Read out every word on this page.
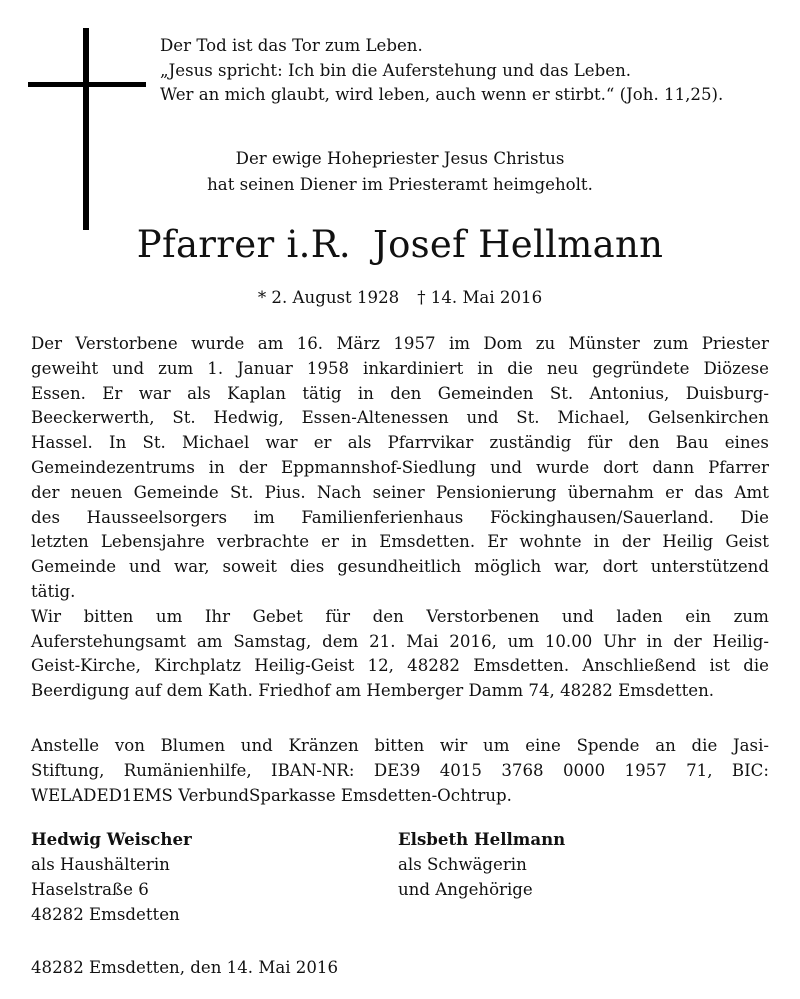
Der Tod ist das Tor zum Leben.
„Jesus spricht: Ich bin die Auferstehung und das Leben.
Wer an mich glaubt, wird leben, auch wenn er stirbt.“ (Joh. 11,25).
Der ewige Hohepriester Jesus Christus
hat seinen Diener im Priesteramt heimgeholt.
Pfarrer i.R. Josef Hellmann
* 2. August 1928 † 14. Mai 2016
Der Verstorbene wurde am 16. März 1957 im Dom zu Münster zum Priester
geweiht und zum 1. Januar 1958 inkardiniert in die neu gegründete Diözese
Essen. Er war als Kaplan tätig in den Gemeinden St. Antonius, Duisburg-
Beeckerwerth, St. Hedwig, Essen-Altenessen und St. Michael, Gelsenkirchen
Hassel. In St. Michael war er als Pfarrvikar zuständig für den Bau eines
Gemeindezentrums in der Eppmannshof-Siedlung und wurde dort dann Pfarrer
der neuen Gemeinde St. Pius. Nach seiner Pensionierung übernahm er das Amt
des Hausseelsorgers im Familienferienhaus Föckinghausen/Sauerland. Die
letzten Lebensjahre verbrachte er in Emsdetten. Er wohnte in der Heilig Geist
Gemeinde und war, soweit dies gesundheitlich möglich war, dort unterstützend
tätig.
Wir bitten um Ihr Gebet für den Verstorbenen und laden ein zum
Auferstehungsamt am Samstag, dem 21. Mai 2016, um 10.00 Uhr in der Heilig-
Geist-Kirche, Kirchplatz Heilig-Geist 12, 48282 Emsdetten. Anschließend ist die
Beerdigung auf dem Kath. Friedhof am Hemberger Damm 74, 48282 Emsdetten.
Anstelle von Blumen und Kränzen bitten wir um eine Spende an die Jasi-
Stiftung, Rumänienhilfe, IBAN-NR: DE39 4015 3768 0000 1957 71, BIC:
WELADED1EMS VerbundSparkasse Emsdetten-Ochtrup.
Hedwig Weischer
als Haushälterin
Haselstraße 6
48282 Emsdetten
Elsbeth Hellmann
als Schwägerin
und Angehörige
48282 Emsdetten, den 14. Mai 2016
